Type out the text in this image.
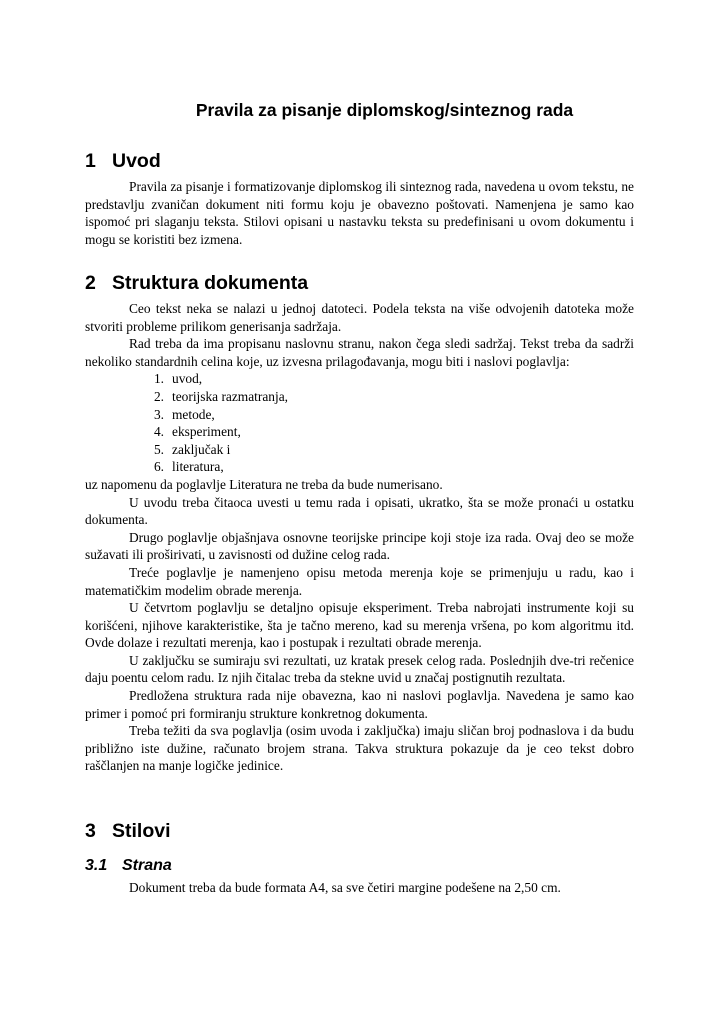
Pravila za pisanje diplomskog/sinteznog rada
1 Uvod

Pravila za pisanje i formatizovanje diplomskog ili sinteznog rada, navedena u ovom tekstu, ne predstavlju zvaničan dokument niti formu koju je obavezno poštovati. Namenjena je samo kao ispomoć pri slaganju teksta. Stilovi opisani u nastavku teksta su predefinisani u ovom dokumentu i mogu se koristiti bez izmena.

2 Struktura dokumenta

Ceo tekst neka se nalazi u jednoj datoteci. Podela teksta na više odvojenih datoteka može stvoriti probleme prilikom generisanja sadržaja.

Rad treba da ima propisanu naslovnu stranu, nakon čega sledi sadržaj. Tekst treba da sadrži nekoliko standardnih celina koje, uz izvesna prilagođavanja, mogu biti i naslovi poglavlja:

1. uvod,
2. teorijska razmatranja,
3. metode,
4. eksperiment,
5. zaključak i
6. literatura,

uz napomenu da poglavlje Literatura ne treba da bude numerisano.

U uvodu treba čitaoca uvesti u temu rada i opisati, ukratko, šta se može pronaći u ostatku dokumenta.

Drugo poglavlje objašnjava osnovne teorijske principe koji stoje iza rada. Ovaj deo se može sužavati ili proširivati, u zavisnosti od dužine celog rada.

Treće poglavlje je namenjeno opisu metoda merenja koje se primenjuju u radu, kao i matematičkim modelim obrade merenja.

U četvrtom poglavlju se detaljno opisuje eksperiment. Treba nabrojati instrumente koji su korišćeni, njihove karakteristike, šta je tačno mereno, kad su merenja vršena, po kom algoritmu itd. Ovde dolaze i rezultati merenja, kao i postupak i rezultati obrade merenja.

U zaključku se sumiraju svi rezultati, uz kratak presek celog rada. Poslednjih dve-tri rečenice daju poentu celom radu. Iz njih čitalac treba da stekne uvid u značaj postignutih rezultata.

Predložena struktura rada nije obavezna, kao ni naslovi poglavlja. Navedena je samo kao primer i pomoć pri formiranju strukture konkretnog dokumenta.

Treba težiti da sva poglavlja (osim uvoda i zaključka) imaju sličan broj podnaslova i da budu približno iste dužine, računato brojem strana. Takva struktura pokazuje da je ceo tekst dobro raščlanjen na manje logičke jedinice.

3 Stilovi
3.1 Strana

Dokument treba da bude formata A4, sa sve četiri margine podešene na 2,50 cm.
